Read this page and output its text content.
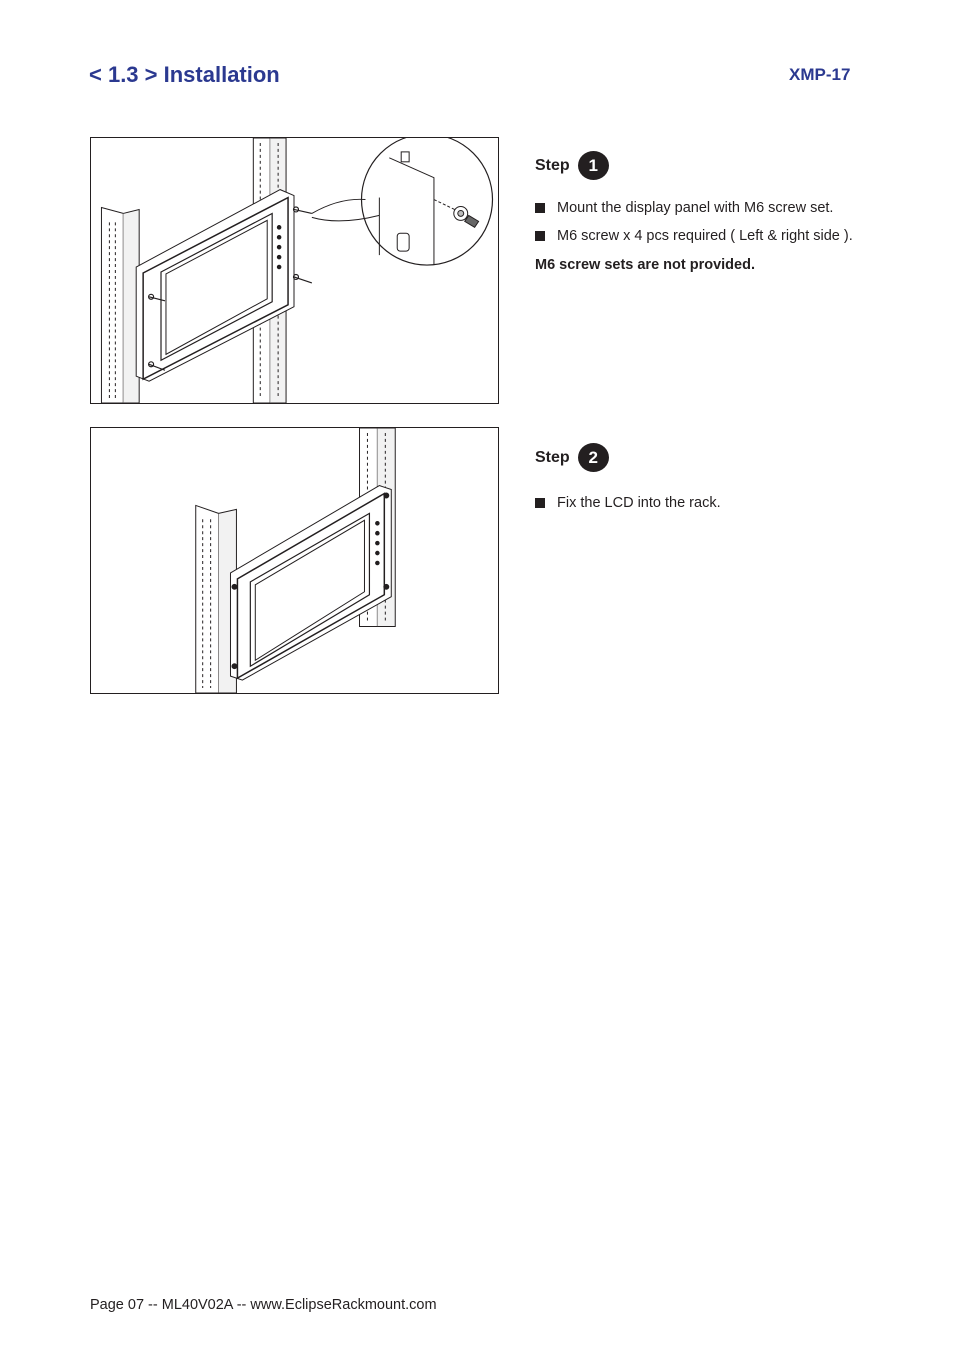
< 1.3 > Installation	XMP-17
Step	1
Mount the display panel with M6 screw set.
M6 screw x 4 pcs required ( Left & right side ).
M6 screw sets are not provided.
Step	2
Fix the LCD into the rack.
Page 07 -- ML40V02A -- www.EclipseRackmount.com
